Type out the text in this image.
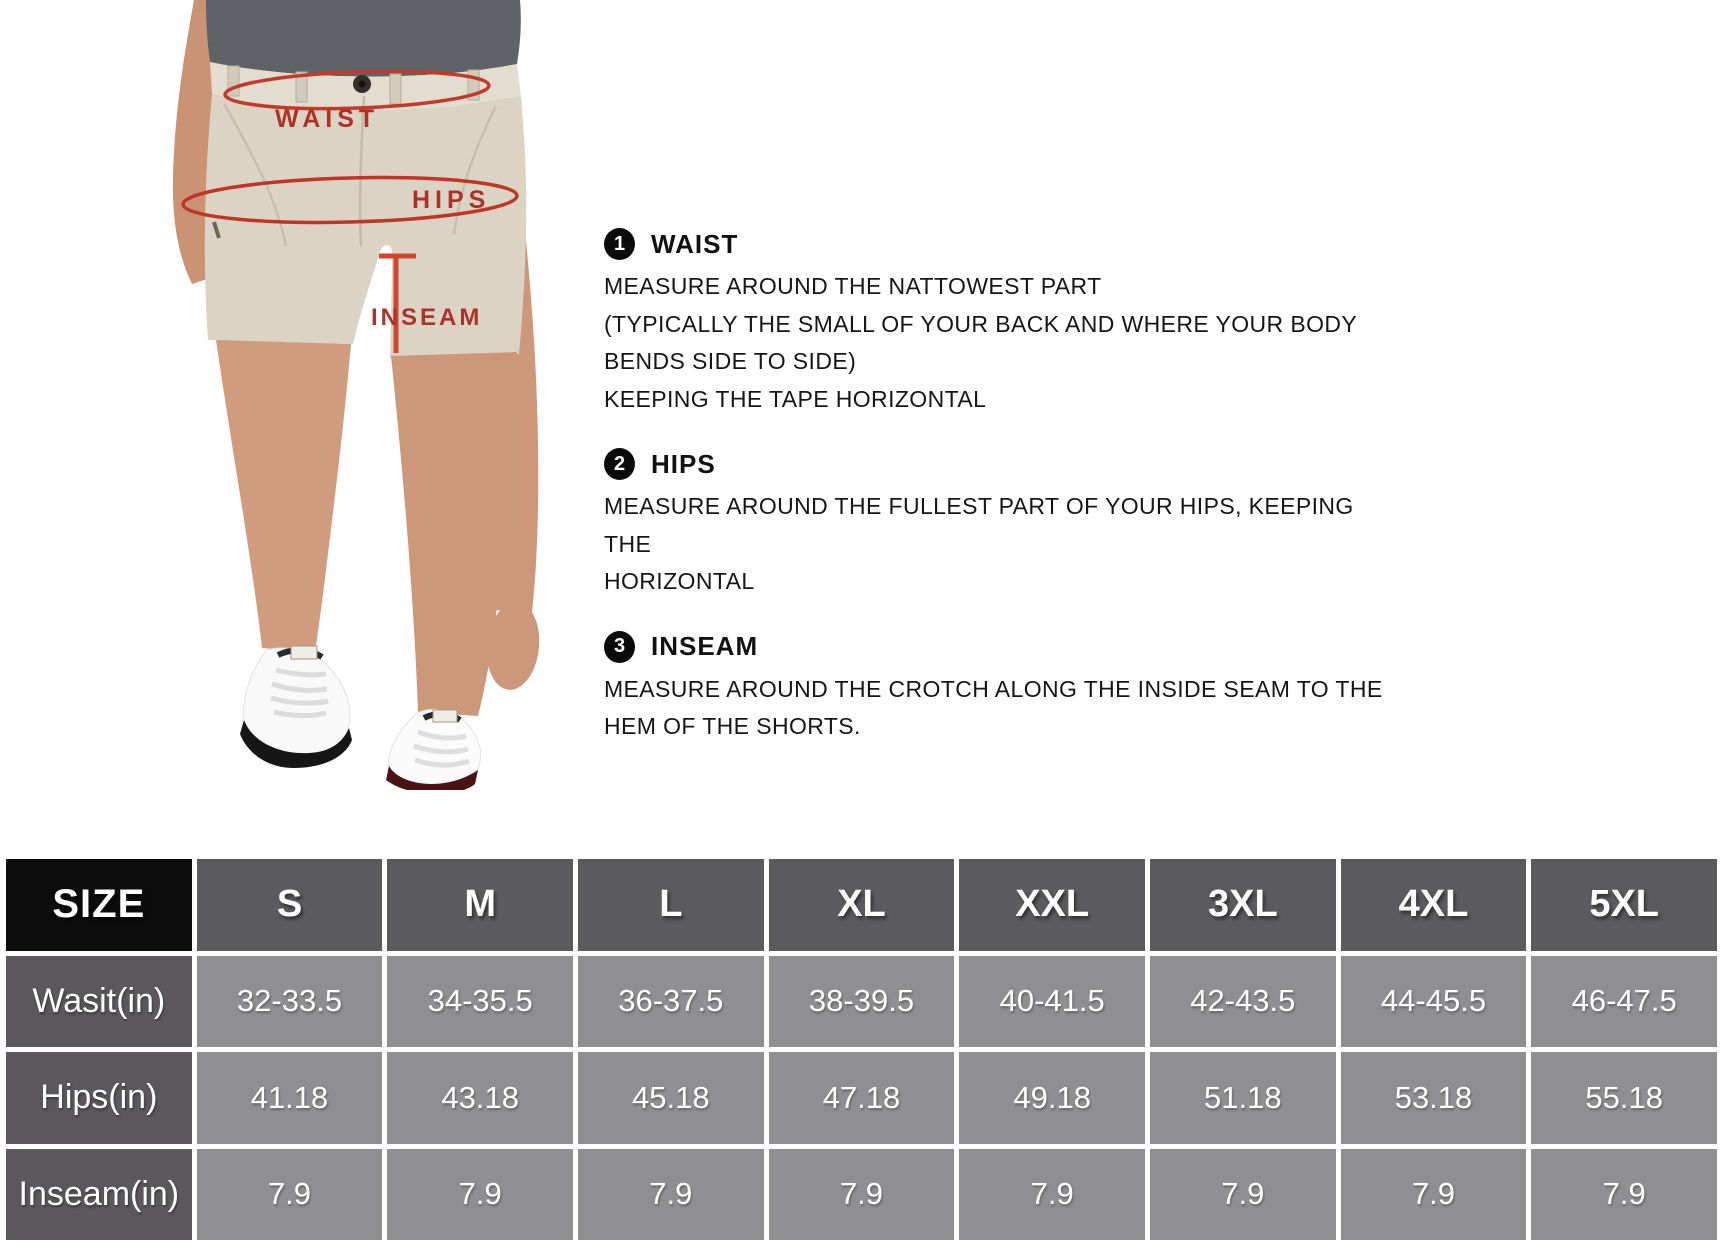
WAIST
HIPS
INSEAM
1 WAIST

MEASURE AROUND THE NATTOWEST PART

(TYPICALLY THE SMALL OF YOUR BACK AND WHERE YOUR BODY

BENDS SIDE TO SIDE)

KEEPING THE TAPE HORIZONTAL

2 HIPS

MEASURE AROUND THE FULLEST PART OF YOUR HIPS, KEEPING THE

HORIZONTAL

3 INSEAM

MEASURE AROUND THE CROTCH ALONG THE INSIDE SEAM TO THE

HEM OF THE SHORTS.

SIZE	S	M	L	XL	XXL	3XL	4XL	5XL
Wasit(in)	32-33.5	34-35.5	36-37.5	38-39.5	40-41.5	42-43.5	44-45.5	46-47.5
Hips(in)	41.18	43.18	45.18	47.18	49.18	51.18	53.18	55.18
Inseam(in)	7.9	7.9	7.9	7.9	7.9	7.9	7.9	7.9
